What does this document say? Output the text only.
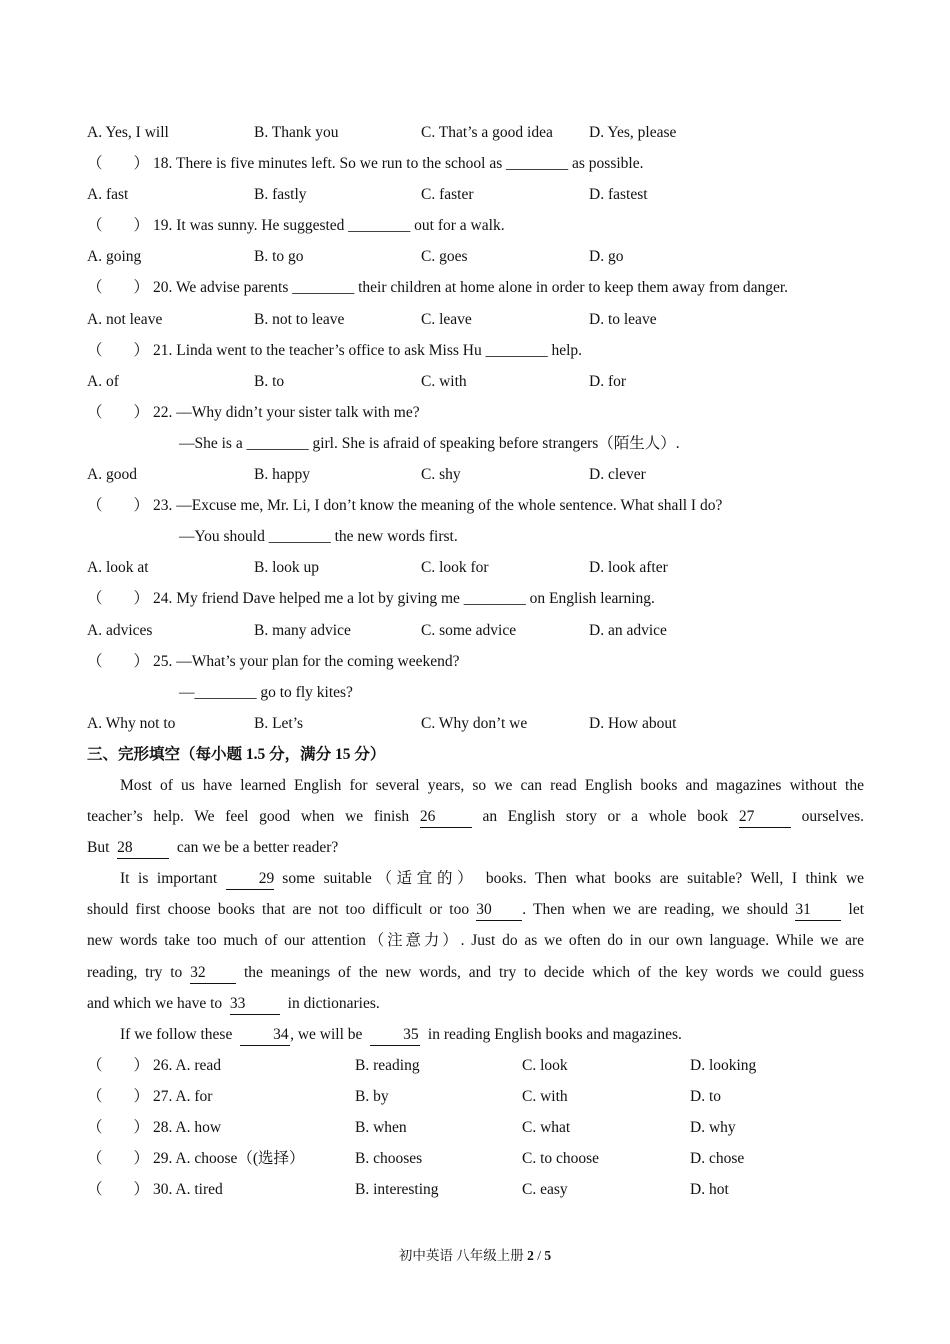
A. Yes, I will	B. Thank you	C. That’s a good idea	D. Yes, please
（　　） 18. There is five minutes left. So we run to the school as ________ as possible.
A. fast	B. fastly	C. faster	D. fastest
（　　） 19. It was sunny. He suggested ________ out for a walk.
A. going	B. to go	C. goes	D. go
（　　） 20. We advise parents ________ their children at home alone in order to keep them away from danger.
A. not leave	B. not to leave	C. leave	D. to leave
（　　） 21. Linda went to the teacher’s office to ask Miss Hu ________ help.
A. of	B. to	C. with	D. for
（　　） 22. —Why didn’t your sister talk with me?
—She is a ________ girl. She is afraid of speaking before strangers（陌生人）.
A. good	B. happy	C. shy	D. clever
（　　） 23. —Excuse me, Mr. Li, I don’t know the meaning of the whole sentence. What shall I do?
—You should ________ the new words first.
A. look at	B. look up	C. look for	D. look after
（　　） 24. My friend Dave helped me a lot by giving me ________ on English learning.
A. advices	B. many advice	C. some advice	D. an advice
（　　） 25. —What’s your plan for the coming weekend?
—________ go to fly kites?
A. Why not to	B. Let’s	C. Why don’t we	D. How about
三、完形填空（每小题 1.5 分，满分 15 分）
Most of us have learned English for several years, so we can read English books and magazines without the
teacher’s help. We feel good when we finish 26	an English story or a whole book 27	ourselves.
But 28	can we be a better reader?
It is important	29 some suitable（适宜的） books. Then what books are suitable? Well, I think we
should first choose books that are not too difficult or too 30 . Then when we are reading, we should 31 let
new words take too much of our attention（注意力）. Just do as we often do in our own language. While we are
reading, try to 32 the meanings of the new words, and try to decide which of the key words we could guess
and which we have to 33	in dictionaries.
If we follow these	34, we will be	35 in reading English books and magazines.
（　　） 26. A. read	B. reading	C. look	D. looking
（　　） 27. A. for	B. by	C. with	D. to
（　　） 28. A. how	B. when	C. what	D. why
（　　） 29. A. choose（(选择）	B. chooses	C. to choose	D. chose
（　　） 30. A. tired	B. interesting	C. easy	D. hot
初中英语 八年级上册 2 / 5
